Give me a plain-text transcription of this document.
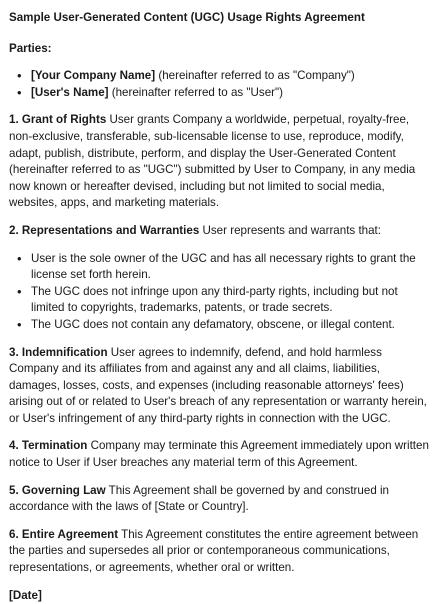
Sample User-Generated Content (UGC) Usage Rights Agreement

Parties:

• [Your Company Name] (hereinafter referred to as "Company")
• [User's Name] (hereinafter referred to as "User")

1. Grant of Rights User grants Company a worldwide, perpetual, royalty-free, non-exclusive, transferable, sub-licensable license to use, reproduce, modify, adapt, publish, distribute, perform, and display the User-Generated Content (hereinafter referred to as "UGC") submitted by User to Company, in any media now known or hereafter devised, including but not limited to social media, websites, apps, and marketing materials.

2. Representations and Warranties User represents and warrants that:

• User is the sole owner of the UGC and has all necessary rights to grant the license set forth herein.
• The UGC does not infringe upon any third-party rights, including but not limited to copyrights, trademarks, patents, or trade secrets.
• The UGC does not contain any defamatory, obscene, or illegal content.

3. Indemnification User agrees to indemnify, defend, and hold harmless Company and its affiliates from and against any and all claims, liabilities, damages, losses, costs, and expenses (including reasonable attorneys' fees) arising out of or related to User's breach of any representation or warranty herein, or User's infringement of any third-party rights in connection with the UGC.

4. Termination Company may terminate this Agreement immediately upon written notice to User if User breaches any material term of this Agreement.

5. Governing Law This Agreement shall be governed by and construed in accordance with the laws of [State or Country].

6. Entire Agreement This Agreement constitutes the entire agreement between the parties and supersedes all prior or contemporaneous communications, representations, or agreements, whether oral or written.

[Date]
